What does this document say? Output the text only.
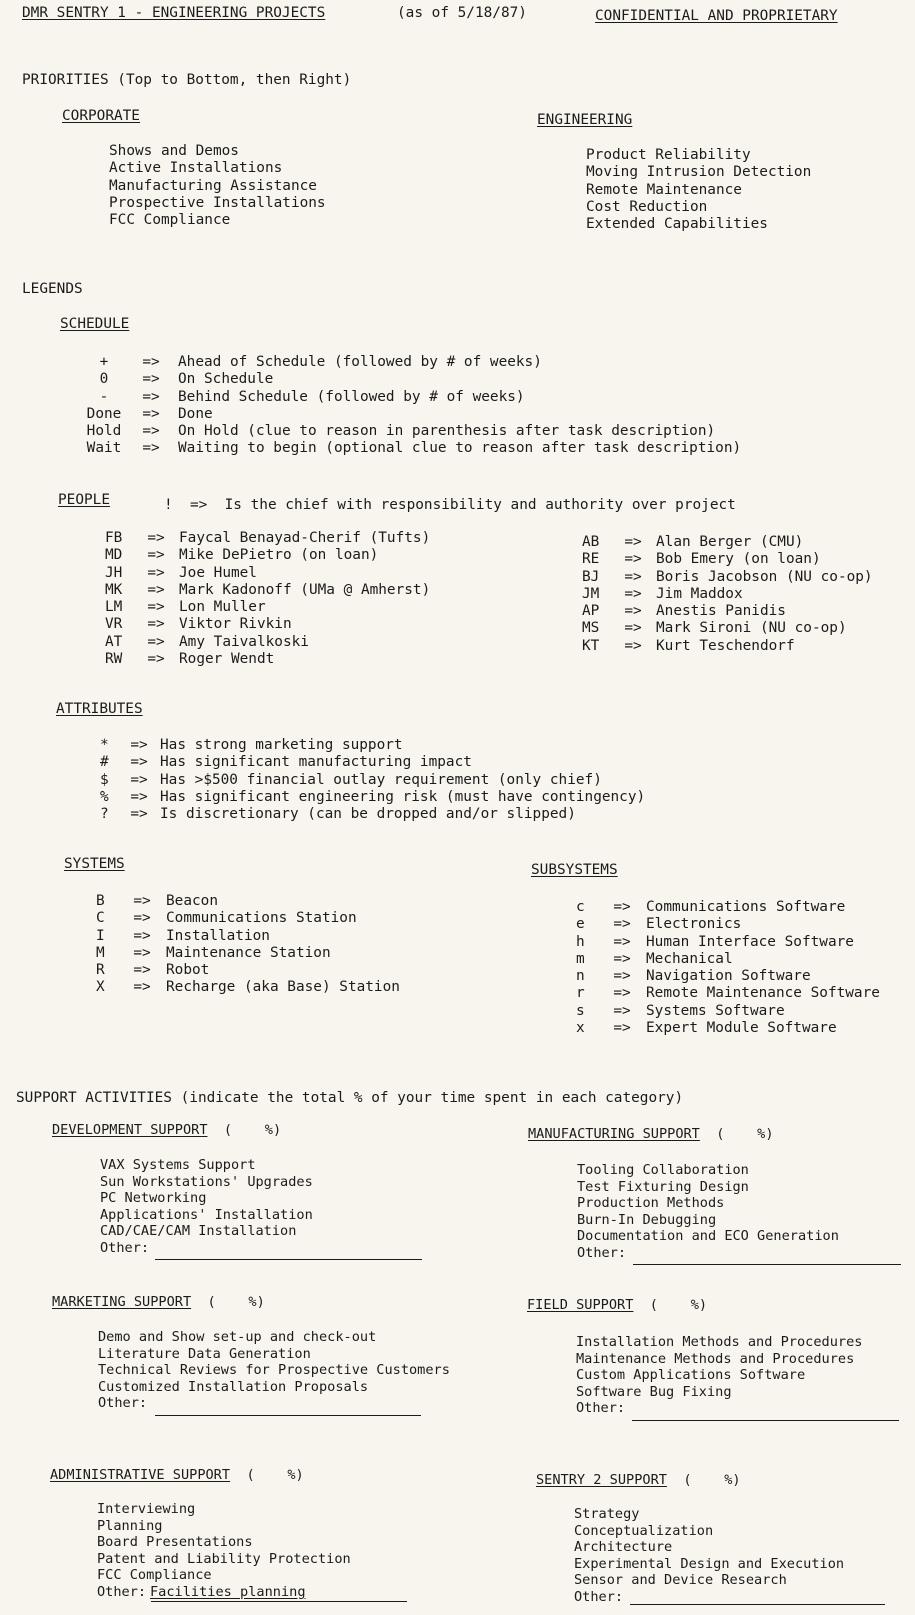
DMR SENTRY 1 - ENGINEERING PROJECTS	(as of 5/18/87)	CONFIDENTIAL AND PROPRIETARY
PRIORITIES (Top to Bottom, then Right)
CORPORATE
Shows and Demos
Active Installations
Manufacturing Assistance
Prospective Installations
FCC Compliance
ENGINEERING
Product Reliability
Moving Intrusion Detection
Remote Maintenance
Cost Reduction
Extended Capabilities
LEGENDS
SCHEDULE
+	=>	Ahead of Schedule (followed by # of weeks)
0	=>	On Schedule
-	=>	Behind Schedule (followed by # of weeks)
Done	=>	Done
Hold	=>	On Hold (clue to reason in parenthesis after task description)
Wait	=>	Waiting to begin (optional clue to reason after task description)
PEOPLE	!  =>  Is the chief with responsibility and authority over project
FB	=> Faycal Benayad-Cherif (Tufts)
MD	=> Mike DePietro (on loan)
JH	=> Joe Humel
MK	=> Mark Kadonoff (UMa @ Amherst)
LM	=> Lon Muller
VR	=> Viktor Rivkin
AT	=> Amy Taivalkoski
RW	=> Roger Wendt
AB	=> Alan Berger (CMU)
RE	=> Bob Emery (on loan)
BJ	=> Boris Jacobson (NU co-op)
JM	=> Jim Maddox
AP	=> Anestis Panidis
MS	=> Mark Sironi (NU co-op)
KT	=> Kurt Teschendorf
ATTRIBUTES
*	=> Has strong marketing support
#	=> Has significant manufacturing impact
$	=> Has >$500 financial outlay requirement (only chief)
%	=> Has significant engineering risk (must have contingency)
?	=> Is discretionary (can be dropped and/or slipped)
SYSTEMS
B	=>	Beacon
C	=>	Communications Station
I	=>	Installation
M	=>	Maintenance Station
R	=>	Robot
X	=>	Recharge (aka Base) Station
SUBSYSTEMS
c	=>	Communications Software
e	=>	Electronics
h	=>	Human Interface Software
m	=>	Mechanical
n	=>	Navigation Software
r	=>	Remote Maintenance Software
s	=>	Systems Software
x	=>	Expert Module Software
SUPPORT ACTIVITIES (indicate the total % of your time spent in each category)
DEVELOPMENT SUPPORT (    %)
VAX Systems Support
Sun Workstations' Upgrades
PC Networking
Applications' Installation
CAD/CAE/CAM Installation
Other:
MANUFACTURING SUPPORT (    %)
Tooling Collaboration
Test Fixturing Design
Production Methods
Burn-In Debugging
Documentation and ECO Generation
Other:
MARKETING SUPPORT (    %)
Demo and Show set-up and check-out
Literature Data Generation
Technical Reviews for Prospective Customers
Customized Installation Proposals
Other:
FIELD SUPPORT (    %)
Installation Methods and Procedures
Maintenance Methods and Procedures
Custom Applications Software
Software Bug Fixing
Other:
ADMINISTRATIVE SUPPORT (    %)
Interviewing
Planning
Board Presentations
Patent and Liability Protection
FCC Compliance
Other: Facilities planning
SENTRY 2 SUPPORT (    %)
Strategy
Conceptualization
Architecture
Experimental Design and Execution
Sensor and Device Research
Other:
